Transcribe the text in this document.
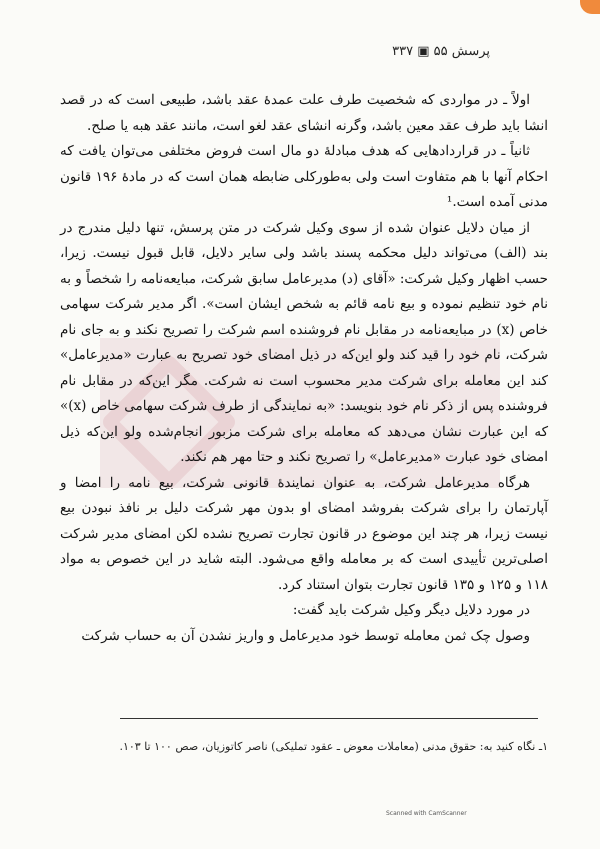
پرسش ۵۵ ▣ ۳۳۷

اولاً ـ در مواردی که شخصیت طرف علت عمدهٔ عقد باشد، طبیعی است که در قصد انشا باید طرف عقد معین باشد، وگرنه انشای عقد لغو است، مانند عقد هبه یا صلح.

ثانیاً ـ در قراردادهایی که هدف مبادلهٔ دو مال است فروض مختلفی می‌توان یافت که احکام آنها با هم متفاوت است ولی به‌طورکلی ضابطه همان است که در مادهٔ ۱۹۶ قانون مدنی آمده است.¹

از میان دلایل عنوان شده از سوی وکیل شرکت در متن پرسش، تنها دلیل مندرج در بند (الف) می‌تواند دلیل محکمه پسند باشد ولی سایر دلایل، قابل قبول نیست. زیرا، حسب اظهار وکیل شرکت: «آقای (د) مدیرعامل سابق شرکت، مبایعه‌نامه را شخصاً و به نام خود تنظیم نموده و بیع نامه قائم به شخص ایشان است». اگر مدیر شرکت سهامی خاص (x) در مبایعه‌نامه در مقابل نام فروشنده اسم شرکت را تصریح نکند و به جای نام شرکت، نام خود را قید کند ولو این‌که در ذیل امضای خود تصریح به عبارت «مدیرعامل» کند این معامله برای شرکت مدیر محسوب است نه شرکت. مگر این‌که در مقابل نام فروشنده پس از ذکر نام خود بنویسد: «به نمایندگی از طرف شرکت سهامی خاص (x)» که این عبارت نشان می‌دهد که معامله برای شرکت مزبور انجام‌شده ولو این‌که ذیل امضای خود عبارت «مدیرعامل» را تصریح نکند و حتا مهر هم نکند.

هرگاه مدیرعامل شرکت، به عنوان نمایندهٔ قانونی شرکت، بیع نامه را امضا و آپارتمان را برای شرکت بفروشد امضای او بدون مهر شرکت دلیل بر نافذ نبودن بیع نیست زیرا، هر چند این موضوع در قانون تجارت تصریح نشده لکن امضای مدیر شرکت اصلی‌ترین تأییدی است که بر معامله واقع می‌شود. البته شاید در این خصوص به مواد ۱۱۸ و ۱۲۵ و ۱۳۵ قانون تجارت بتوان استناد کرد.

در مورد دلایل دیگر وکیل شرکت باید گفت:

وصول چک ثمن معامله توسط خود مدیرعامل و واریز نشدن آن به حساب شرکت

۱ـ نگاه کنید به: حقوق مدنی (معاملات معوض ـ عقود تملیکی) ناصر کاتوزیان، صص ۱۰۰ تا ۱۰۳.
Scanned with CamScanner
